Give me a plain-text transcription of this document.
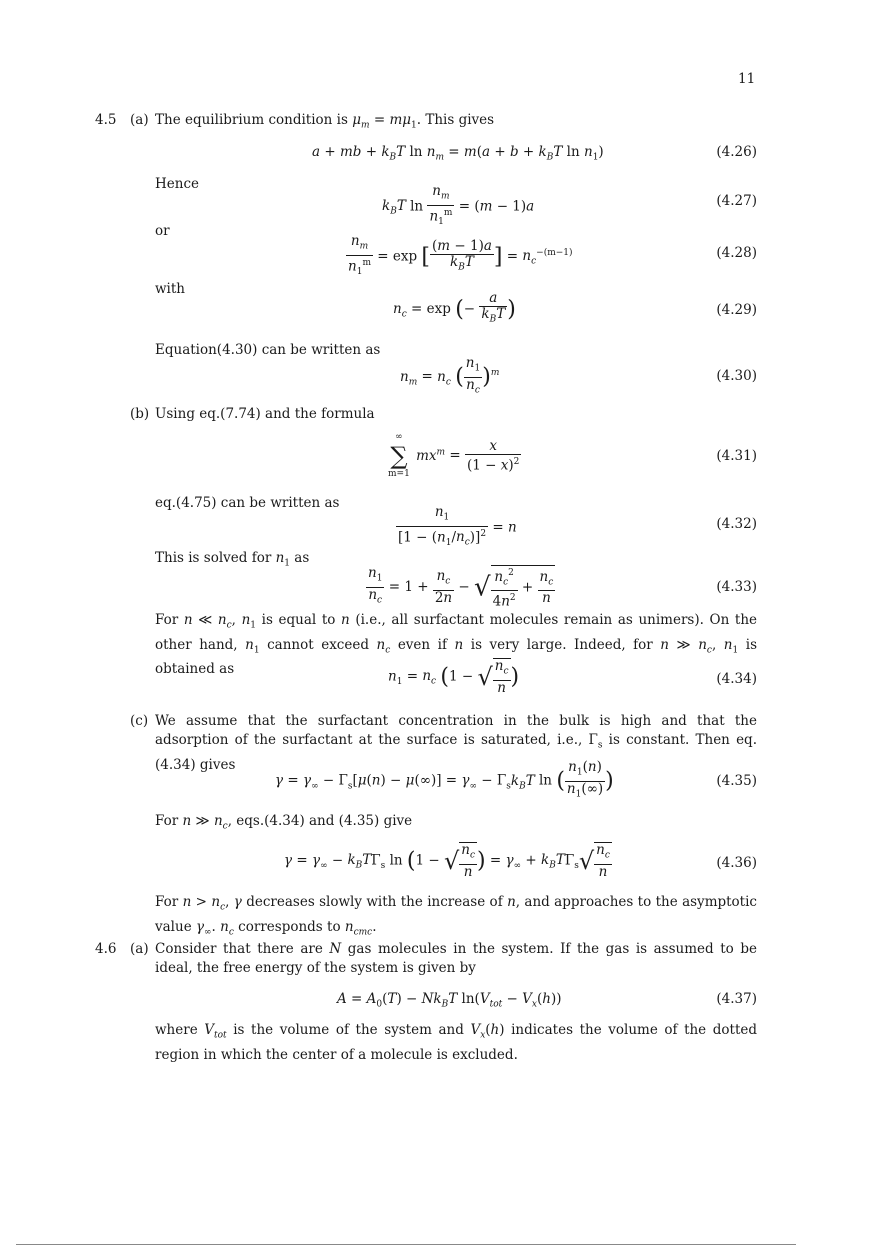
11
4.5 (a) The equilibrium condition is $\mu_m = m\mu_1$. This gives
a + mb + $k_BT$ $\ln n_m = m(a + b + k_BT$ $\ln n_1$)	(4.26)
Hence
$k_BT$ $\ln \frac{n_m}{n_1^m} = (m - 1)a$	(4.27)
or
$\frac{n_m}{n_1^m} = \exp$ [ $\frac{(m - 1)a}{k_BT}$ ] = $n_c^{-(m-1)}$	(4.28)
with
$n_c = \exp$ (− $\frac{a}{k_BT}$ )	(4.29)
Equation(4.30) can be written as
$n_m = n_c$ ( $\frac{n_1}{n_c} )^m$	(4.30)
(b) Using eq.(7.74) and the formula
∞
∑
m=1
$mx^m = \frac{x}{(1 - x)^2}$	(4.31)
eq.(4.75) can be written as
$\frac{n_1}{[1 - (n_1/n_c)]^2} = n$	(4.32)
This is solved for $n_1$ as
$\frac{n_1}{n_c} = 1 + \frac{n_c}{2n}$ − √ $\frac{n_c^2}{4n^2} + \frac{n_c}{n}$	(4.33)
For n ≪ $n_c$, $n_1$ is equal to n (i.e., all surfactant molecules remain as unimers). On the other hand, $n_1$ cannot exceed $n_c$ even if n is very large. Indeed, for n ≫ $n_c$, $n_1$ is obtained as	$n_1 = n_c$ (1 − √ $\frac{n_c}{n}$ )	(4.34)
(c) We assume that the surfactant concentration in the bulk is high and that the adsorption of the surfactant at the surface is saturated, i.e., $\Gamma_s$ is constant. Then eq.(4.34) gives
$\gamma = \gamma_\infty - \Gamma_s[\mu(n) - \mu(\infty)] = \gamma_\infty - \Gamma_sk_BT$ ln ( $\frac{n_1(n)}{n_1(\infty)}$ )	(4.35)
For n ≫ $n_c$, eqs.(4.34) and (4.35) give
$\gamma = \gamma_\infty - k_BT\Gamma_s$ ln (1 − √ $\frac{n_c}{n}$ ) = $\gamma_\infty + k_BT\Gamma_s√ \frac{n_c}{n}$	(4.36)
For $n > n_c$, γ decreases slowly with the increase of n, and approaches to the asymptotic value $\gamma_\infty$. $n_c$ corresponds to $n_{cmc}$.
4.6 (a) Consider that there are N gas molecules in the system. If the gas is assumed to be ideal, the free energy of the system is given by
$A = A_0(T) - Nk_BT$ $\ln(V_{tot} - V_x(h))$	(4.37)
where $V_{tot}$ is the volume of the system and $V_x(h)$ indicates the volume of the dotted region in which the center of a molecule is excluded.
